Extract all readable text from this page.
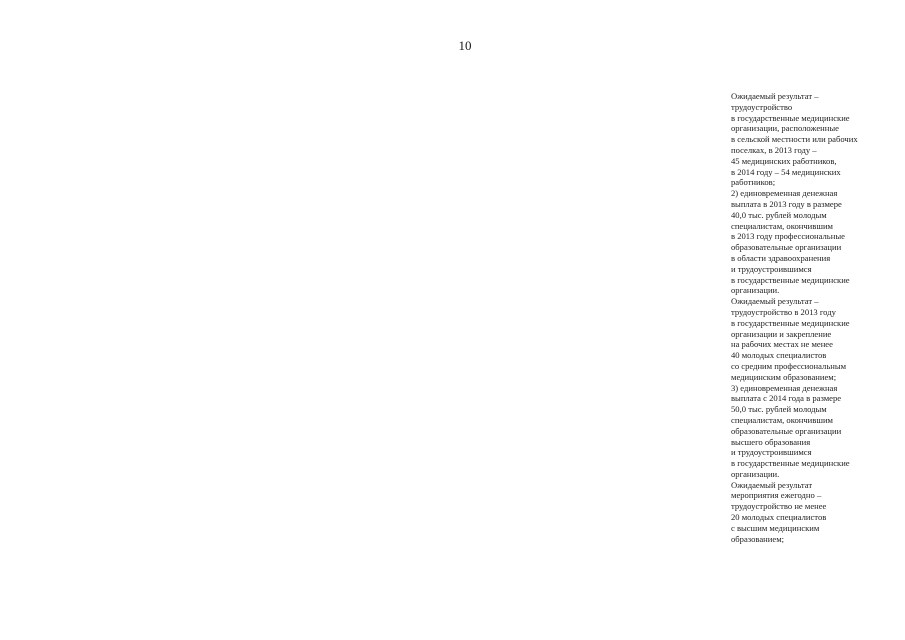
10
Ожидаемый результат –
трудоустройство
в государственные медицинские
организации, расположенные
в сельской местности или рабочих
поселках, в 2013 году –
45 медицинских работников,
в 2014 году – 54 медицинских
работников;
2) единовременная денежная
выплата в 2013 году в размере
40,0 тыс. рублей молодым
специалистам, окончившим
в 2013 году профессиональные
образовательные организации
в области здравоохранения
и трудоустроившимся
в государственные медицинские
организации.
Ожидаемый результат –
трудоустройство в 2013 году
в государственные медицинские
организации и закрепление
на рабочих местах не менее
40 молодых специалистов
со средним профессиональным
медицинским образованием;
3) единовременная денежная
выплата с 2014 года в размере
50,0 тыс. рублей молодым
специалистам, окончившим
образовательные организации
высшего образования
и трудоустроившимся
в государственные медицинские
организации.
Ожидаемый результат
мероприятия ежегодно –
трудоустройство не менее
20 молодых специалистов
с высшим медицинским
образованием;
